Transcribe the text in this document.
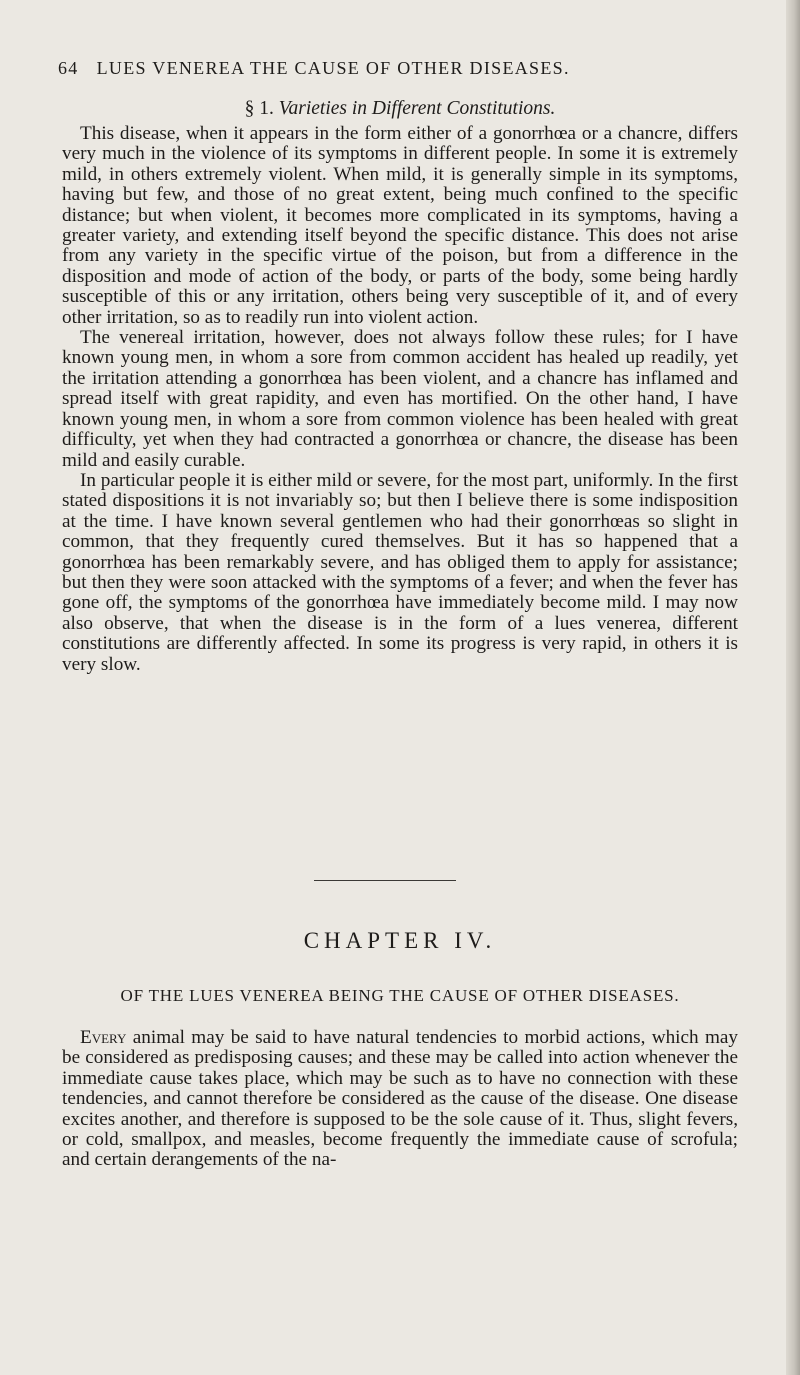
64 LUES VENEREA THE CAUSE OF OTHER DISEASES.
§ 1. Varieties in Different Constitutions.

This disease, when it appears in the form either of a gonorrhœa or a chancre, differs very much in the violence of its symptoms in different people. In some it is extremely mild, in others extremely violent. When mild, it is generally simple in its symptoms, having but few, and those of no great extent, being much confined to the specific distance; but when violent, it becomes more complicated in its symptoms, having a greater variety, and extending itself beyond the specific distance. This does not arise from any variety in the specific virtue of the poison, but from a difference in the disposition and mode of action of the body, or parts of the body, some being hardly susceptible of this or any irritation, others being very susceptible of it, and of every other irritation, so as to readily run into violent action.

The venereal irritation, however, does not always follow these rules; for I have known young men, in whom a sore from common accident has healed up readily, yet the irritation attending a gonorrhœa has been violent, and a chancre has inflamed and spread itself with great rapidity, and even has mortified. On the other hand, I have known young men, in whom a sore from common violence has been healed with great difficulty, yet when they had contracted a gonorrhœa or chancre, the disease has been mild and easily curable.

In particular people it is either mild or severe, for the most part, uniformly. In the first stated dispositions it is not invariably so; but then I believe there is some indisposition at the time. I have known several gentlemen who had their gonorrhœas so slight in common, that they frequently cured themselves. But it has so happened that a gonorrhœa has been remarkably severe, and has obliged them to apply for assistance; but then they were soon attacked with the symptoms of a fever; and when the fever has gone off, the symptoms of the gonorrhœa have immediately become mild. I may now also observe, that when the disease is in the form of a lues venerea, different constitutions are differently affected. In some its progress is very rapid, in others it is very slow.

CHAPTER IV.
OF THE LUES VENEREA BEING THE CAUSE OF OTHER DISEASES.

Every animal may be said to have natural tendencies to morbid actions, which may be considered as predisposing causes; and these may be called into action whenever the immediate cause takes place, which may be such as to have no connection with these tendencies, and cannot therefore be considered as the cause of the disease. One disease excites another, and therefore is supposed to be the sole cause of it. Thus, slight fevers, or cold, smallpox, and measles, become frequently the immediate cause of scrofula; and certain derangements of the na-
